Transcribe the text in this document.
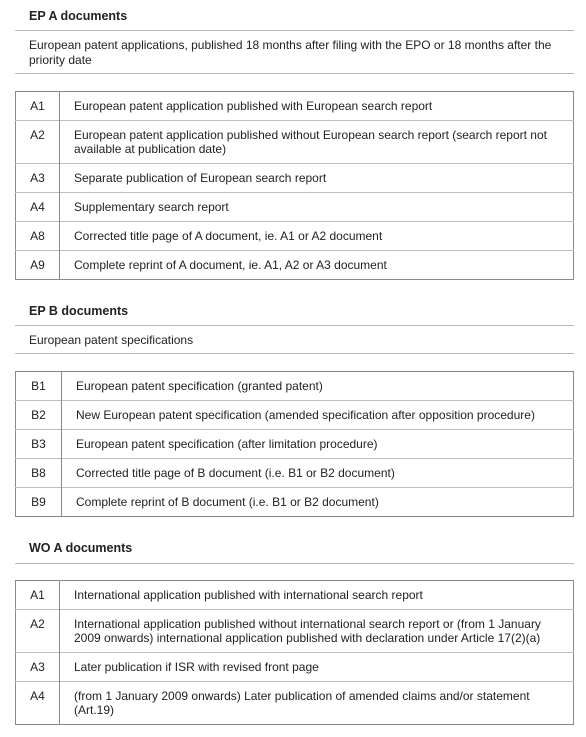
EP A documents
European patent applications, published 18 months after filing with the EPO or 18 months after the priority date
A1	European patent application published with European search report

A2	European patent application published without European search report (search report not available at publication date)

A3	Separate publication of European search report

A4	Supplementary search report

A8	Corrected title page of A document, ie. A1 or A2 document

A9	Complete reprint of A document, ie. A1, A2 or A3 document
EP B documents
European patent specifications
B1	European patent specification (granted patent)

B2	New European patent specification (amended specification after opposition procedure)

B3	European patent specification (after limitation procedure)

B8	Corrected title page of B document (i.e. B1 or B2 document)

B9	Complete reprint of B document (i.e. B1 or B2 document)
WO A documents
A1	International application published with international search report

A2	International application published without international search report or (from 1 January 2009 onwards) international application published with declaration under Article 17(2)(a)

A3	Later publication if ISR with revised front page

A4	(from 1 January 2009 onwards) Later publication of amended claims and/or statement (Art.19)
